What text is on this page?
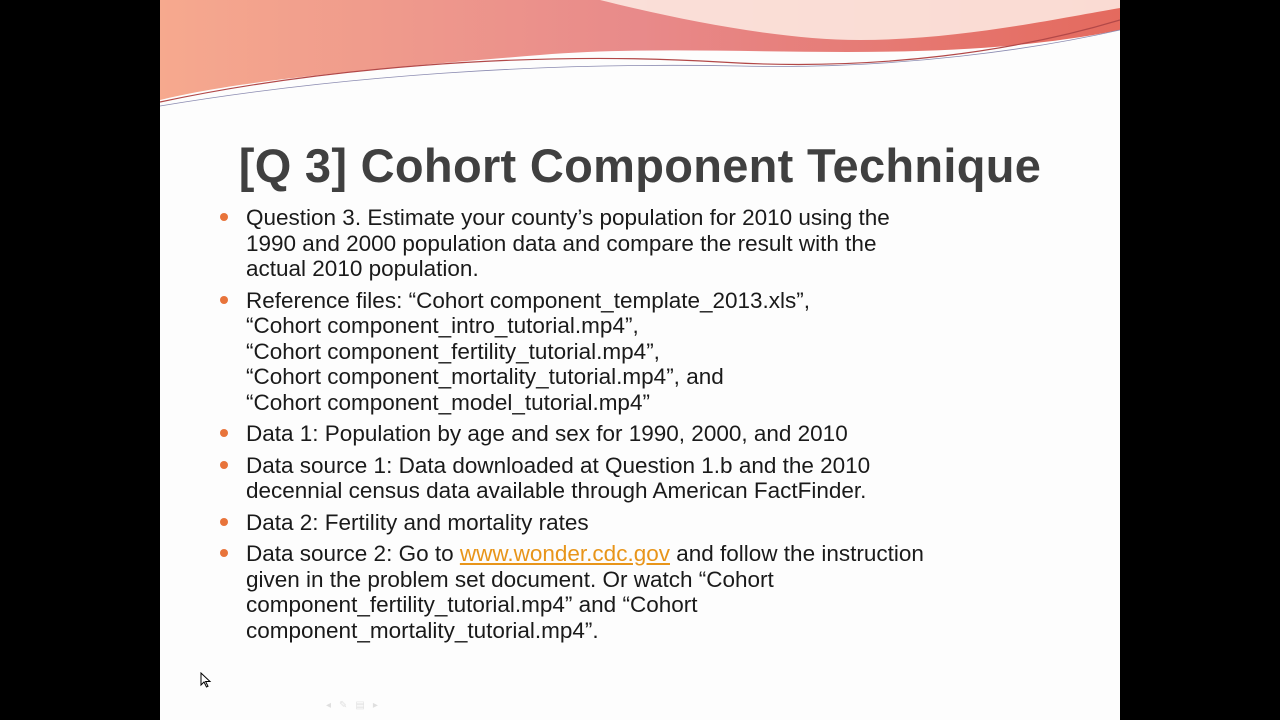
[Q 3] Cohort Component Technique
Question 3. Estimate your county’s population for 2010 using the
1990 and 2000 population data and compare the result with the
actual 2010 population.
Reference files: “Cohort component_template_2013.xls”,
“Cohort component_intro_tutorial.mp4”,
“Cohort component_fertility_tutorial.mp4”,
“Cohort component_mortality_tutorial.mp4”, and
“Cohort component_model_tutorial.mp4”
Data 1: Population by age and sex for 1990, 2000, and 2010
Data source 1: Data downloaded at Question 1.b and the 2010
decennial census data available through American FactFinder.
Data 2: Fertility and mortality rates
Data source 2: Go to www.wonder.cdc.gov and follow the instruction
given in the problem set document. Or watch “Cohort
component_fertility_tutorial.mp4” and “Cohort
component_mortality_tutorial.mp4”.
◂ ✎ ▤ ▸
